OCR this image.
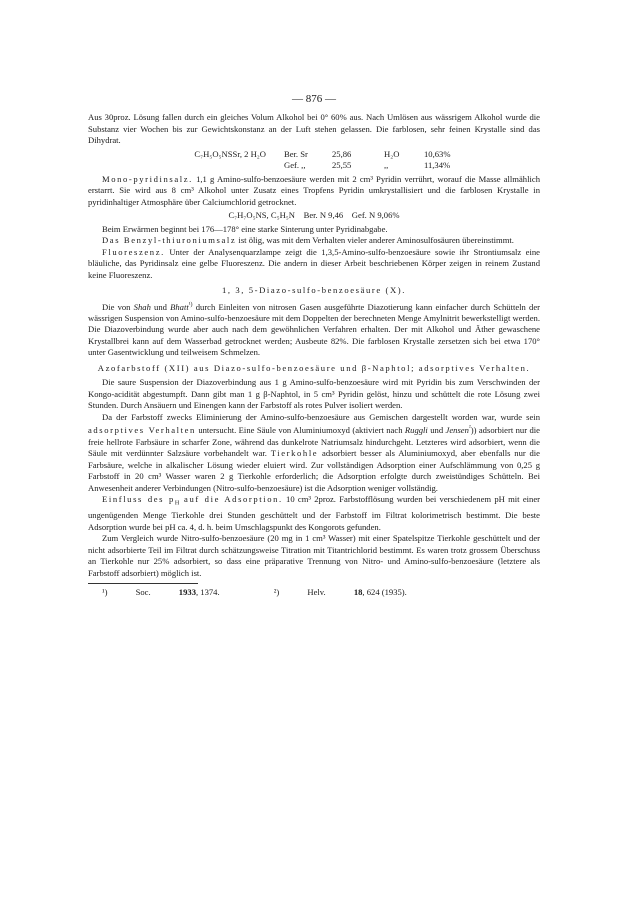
— 876 —

Aus 30proz. Lösung fallen durch ein gleiches Volum Alkohol bei 0° 60% aus. Nach Umlösen aus wässrigem Alkohol wurde die Substanz vier Wochen bis zur Gewichtskonstanz an der Luft stehen gelassen. Die farblosen, sehr feinen Krystalle sind das Dihydrat.

C₇H₅O₅NSSr, 2 H₂O	Ber. Sr	25,86	H₂O	10,63%
Gef. ,,	25,55	,,	11,34%

Mono-pyridinsalz. 1,1 g Amino-sulfo-benzoesäure werden mit 2 cm³ Pyridin verrührt, worauf die Masse allmählich erstarrt. Sie wird aus 8 cm³ Alkohol unter Zusatz eines Tropfens Pyridin umkrystallisiert und die farblosen Krystalle in pyridinhaltiger Atmosphäre über Calciumchlorid getrocknet.

C₇H₇O₅NS, C₅H₅N    Ber. N 9,46    Gef. N 9,06%

Beim Erwärmen beginnt bei 176—178° eine starke Sinterung unter Pyridinabgabe.

Das Benzyl-thiuroniumsalz ist ölig, was mit dem Verhalten vieler anderer Aminosulfosäuren übereinstimmt.

Fluoreszenz. Unter der Analysenquarzlampe zeigt die 1,3,5-Amino-sulfo-benzoesäure sowie ihr Strontiumsalz eine bläuliche, das Pyridinsalz eine gelbe Fluoreszenz. Die andern in dieser Arbeit beschriebenen Körper zeigen in reinem Zustand keine Fluoreszenz.

1, 3, 5-Diazo-sulfo-benzoesäure (X).

Die von Shah und Bhatt$^{^1)}$ durch Einleiten von nitrosen Gasen ausgeführte Diazotierung kann einfacher durch Schütteln der wässrigen Suspension von Amino-sulfo-benzoesäure mit dem Doppelten der berechneten Menge Amylnitrit bewerkstelligt werden. Die Diazoverbindung wurde aber auch nach dem gewöhnlichen Verfahren erhalten. Der mit Alkohol und Äther gewaschene Krystallbrei kann auf dem Wasserbad getrocknet werden; Ausbeute 82%. Die farblosen Krystalle zersetzen sich bei etwa 170° unter Gasentwicklung und teilweisem Schmelzen.

Azofarbstoff (XII) aus Diazo-sulfo-benzoesäure und β-Naphtol; adsorptives Verhalten.

Die saure Suspension der Diazoverbindung aus 1 g Amino-sulfo-benzoesäure wird mit Pyridin bis zum Verschwinden der Kongo-acidität abgestumpft. Dann gibt man 1 g β-Naphtol, in 5 cm³ Pyridin gelöst, hinzu und schüttelt die rote Lösung zwei Stunden. Durch Ansäuern und Einengen kann der Farbstoff als rotes Pulver isoliert werden.

Da der Farbstoff zwecks Eliminierung der Amino-sulfo-benzoesäure aus Gemischen dargestellt worden war, wurde sein adsorptives Verhalten untersucht. Eine Säule von Aluminiumoxyd (aktiviert nach Ruggli und Jensen$^{^2}$)) adsorbiert nur die freie hellrote Farbsäure in scharfer Zone, während das dunkelrote Natriumsalz hindurchgeht. Letzteres wird adsorbiert, wenn die Säule mit verdünnter Salzsäure vorbehandelt war. Tierkohle adsorbiert besser als Aluminiumoxyd, aber ebenfalls nur die Farbsäure, welche in alkalischer Lösung wieder eluiert wird. Zur vollständigen Adsorption einer Aufschlämmung von 0,25 g Farbstoff in 20 cm³ Wasser waren 2 g Tierkohle erforderlich; die Adsorption erfolgte durch zweistündiges Schütteln. Bei Anwesenheit anderer Verbindungen (Nitro-sulfo-benzoesäure) ist die Adsorption weniger vollständig.

Einfluss des $p_H$ auf die Adsorption. 10 cm³ 2proz. Farbstofflösung wurden bei verschiedenem pH mit einer ungenügenden Menge Tierkohle drei Stunden geschüttelt und der Farbstoff im Filtrat kolorimetrisch bestimmt. Die beste Adsorption wurde bei pH ca. 4, d. h. beim Umschlagspunkt des Kongorots gefunden.

Zum Vergleich wurde Nitro-sulfo-benzoesäure (20 mg in 1 cm³ Wasser) mit einer Spatelspitze Tierkohle geschüttelt und der nicht adsorbierte Teil im Filtrat durch schätzungsweise Titration mit Titantrichlorid bestimmt. Es waren trotz grossem Überschuss an Tierkohle nur 25% adsorbiert, so dass eine präparative Trennung von Nitro- und Amino-sulfo-benzoesäure (letztere als Farbstoff adsorbiert) möglich ist.

¹)	Soc.	1933, 1374.	²)	Helv.	18, 624 (1935).
